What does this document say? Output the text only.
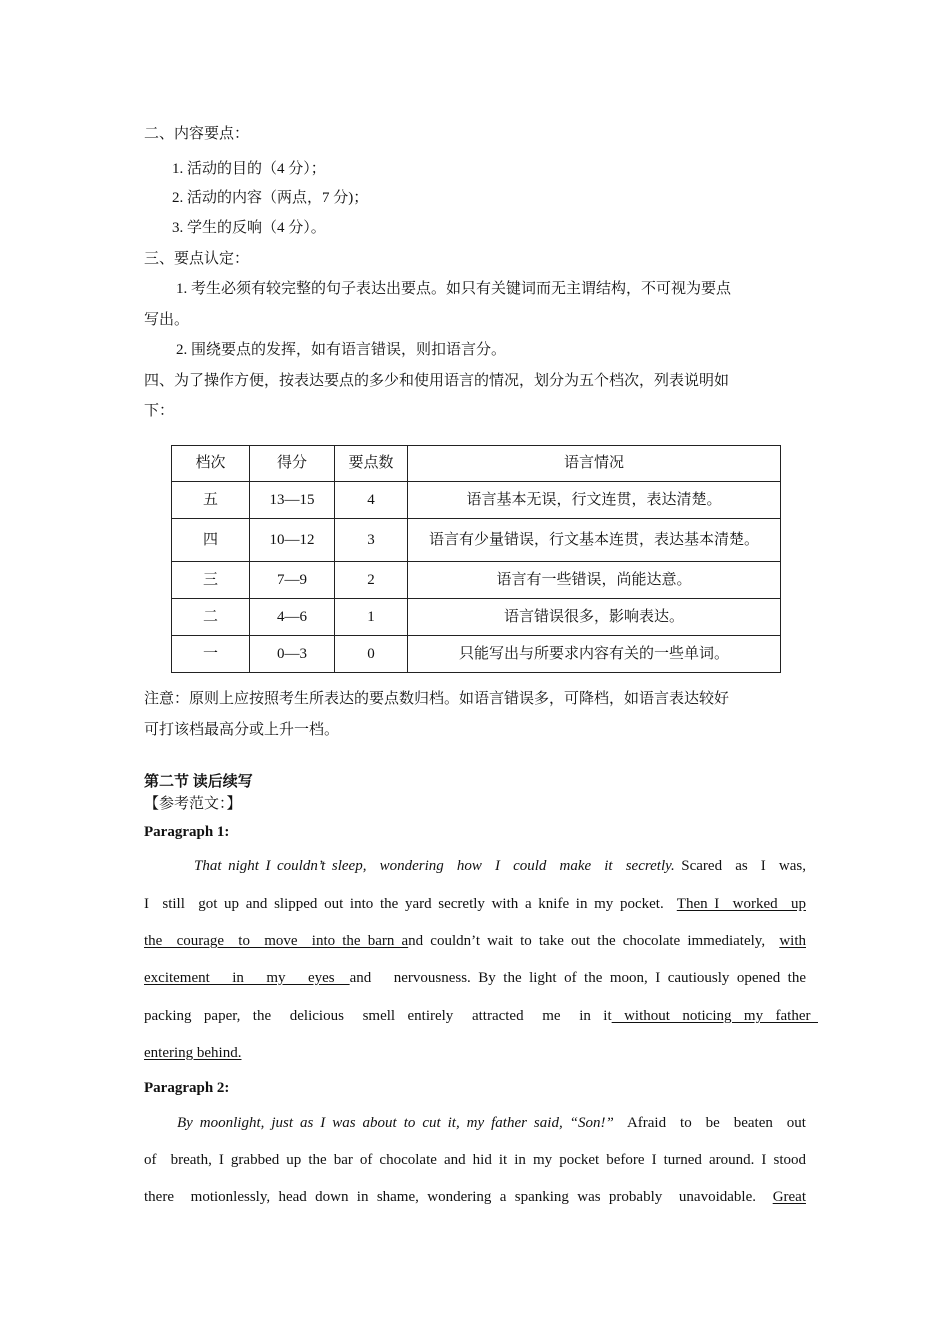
二、内容要点：
1. 活动的目的（4 分）；
2. 活动的内容（两点，7 分)；
3. 学生的反响（4 分）。
三、要点认定：
1. 考生必须有较完整的句子表达出要点。如只有关键词而无主谓结构，不可视为要点
写出。
2. 围绕要点的发挥，如有语言错误，则扣语言分。
四、为了操作方便，按表达要点的多少和使用语言的情况，划分为五个档次，列表说明如
下：
档次	得分	要点数	语言情况
五	13—15	4	语言基本无误，行文连贯，表达清楚。
四	10—12	3	语言有少量错误，行文基本连贯，表达基本清楚。
三	7—9	2	语言有一些错误，尚能达意。
二	4—6	1	语言错误很多，影响表达。
一	0—3	0	只能写出与所要求内容有关的一些单词。
注意：原则上应按照考生所表达的要点数归档。如语言错误多，可降档，如语言表达较好
可打该档最高分或上升一档。
第二节 读后续写
【参考范文：】
Paragraph 1:
That night I couldn’t sleep,  wondering  how  I  could  make  it  secretly. Scared  as  I  was,
I  still  got up and slipped out into the yard secretly with a knife in my pocket.  Then I  worked  up
the  courage  to  move  into the barn and couldn’t wait to take out the chocolate immediately,  with
excitement   in   my   eyes  and   nervousness. By the light of the moon, I cautiously opened the
packing  paper,  the   delicious   smell  entirely   attracted   me   in  it  without  noticing  my  father
entering behind.
Paragraph 2:
By moonlight, just as I was about to cut it, my father said, “Son!”  Afraid  to  be  beaten  out
of  breath, I grabbed up the bar of chocolate and hid it in my pocket before I turned around. I stood
there  motionlessly, head down in shame, wondering a spanking was probably  unavoidable.  Great
